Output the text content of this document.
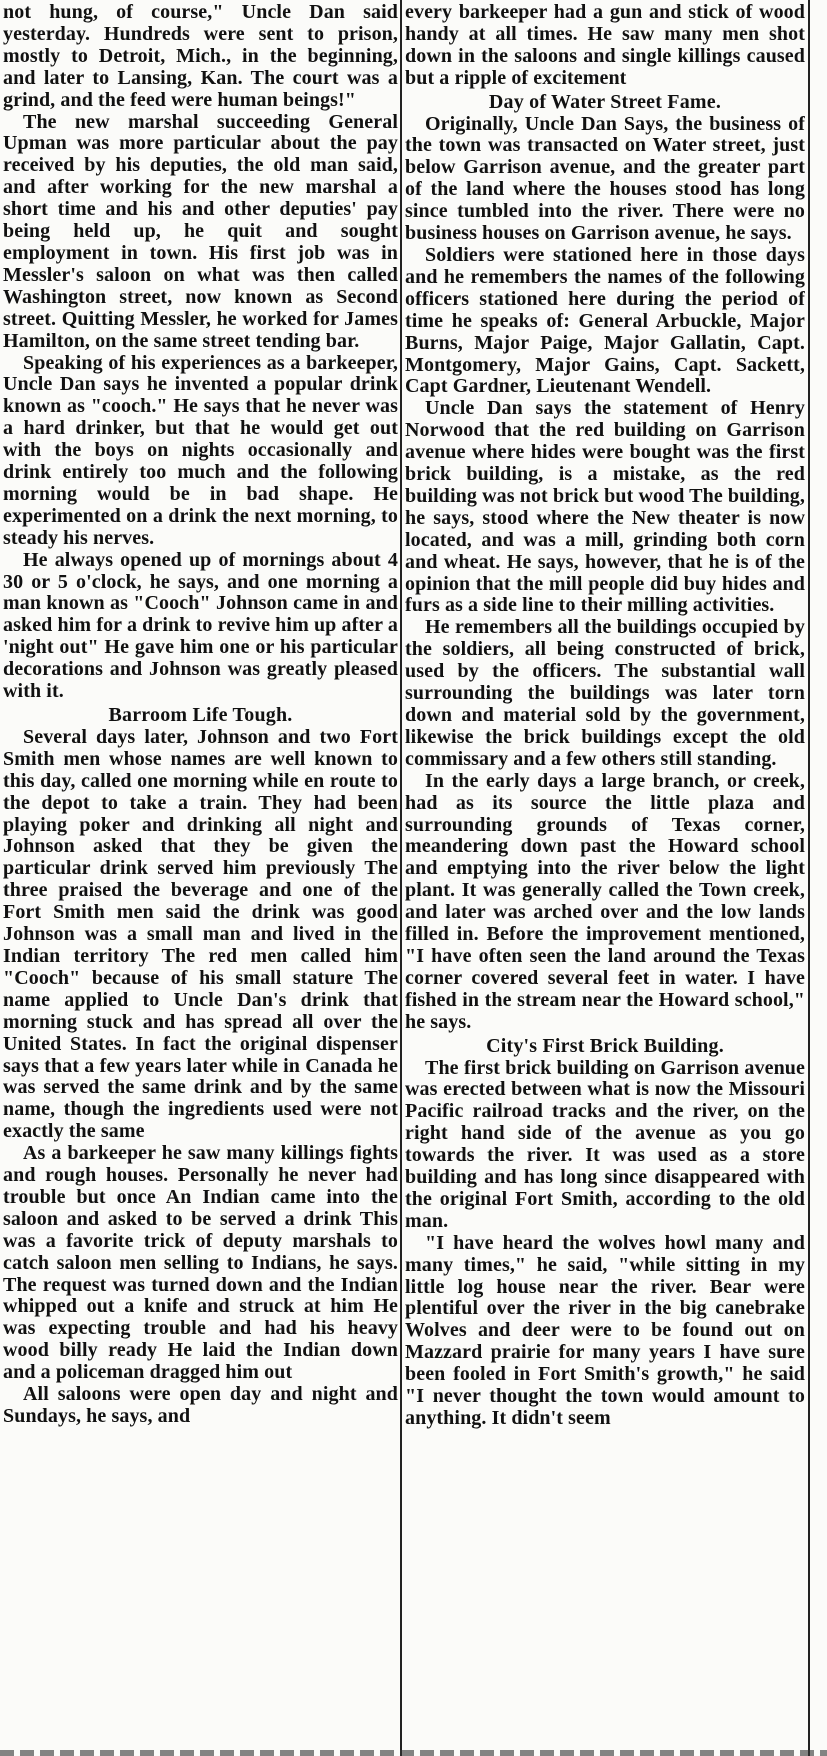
not hung, of course," Uncle Dan said yesterday. Hundreds were sent to prison, mostly to Detroit, Mich., in the beginning, and later to Lansing, Kan. The court was a grind, and the feed were human beings!"

The new marshal succeeding General Upman was more particular about the pay received by his deputies, the old man said, and after working for the new marshal a short time and his and other deputies' pay being held up, he quit and sought employment in town. His first job was in Messler's saloon on what was then called Washington street, now known as Second street. Quitting Messler, he worked for James Hamilton, on the same street tending bar.

Speaking of his experiences as a barkeeper, Uncle Dan says he invented a popular drink known as "cooch." He says that he never was a hard drinker, but that he would get out with the boys on nights occasionally and drink entirely too much and the following morning would be in bad shape. He experimented on a drink the next morning, to steady his nerves.

He always opened up of mornings about 4 30 or 5 o'clock, he says, and one morning a man known as "Cooch" Johnson came in and asked him for a drink to revive him up after a 'night out" He gave him one or his particular decorations and Johnson was greatly pleased with it.

Barroom Life Tough.

Several days later, Johnson and two Fort Smith men whose names are well known to this day, called one morning while en route to the depot to take a train. They had been playing poker and drinking all night and Johnson asked that they be given the particular drink served him previously The three praised the beverage and one of the Fort Smith men said the drink was good Johnson was a small man and lived in the Indian territory The red men called him "Cooch" because of his small stature The name applied to Uncle Dan's drink that morning stuck and has spread all over the United States. In fact the original dispenser says that a few years later while in Canada he was served the same drink and by the same name, though the ingredients used were not exactly the same

As a barkeeper he saw many killings fights and rough houses. Personally he never had trouble but once An Indian came into the saloon and asked to be served a drink This was a favorite trick of deputy marshals to catch saloon men selling to Indians, he says. The request was turned down and the Indian whipped out a knife and struck at him He was expecting trouble and had his heavy wood billy ready He laid the Indian down and a policeman dragged him out

All saloons were open day and night and Sundays, he says, and

every barkeeper had a gun and stick of wood handy at all times. He saw many men shot down in the saloons and single killings caused but a ripple of excitement

Day of Water Street Fame.

Originally, Uncle Dan Says, the business of the town was transacted on Water street, just below Garrison avenue, and the greater part of the land where the houses stood has long since tumbled into the river. There were no business houses on Garrison avenue, he says.

Soldiers were stationed here in those days and he remembers the names of the following officers stationed here during the period of time he speaks of: General Arbuckle, Major Burns, Major Paige, Major Gallatin, Capt. Montgomery, Major Gains, Capt. Sackett, Capt Gardner, Lieutenant Wendell.

Uncle Dan says the statement of Henry Norwood that the red building on Garrison avenue where hides were bought was the first brick building, is a mistake, as the red building was not brick but wood The building, he says, stood where the New theater is now located, and was a mill, grinding both corn and wheat. He says, however, that he is of the opinion that the mill people did buy hides and furs as a side line to their milling activities.

He remembers all the buildings occupied by the soldiers, all being constructed of brick, used by the officers. The substantial wall surrounding the buildings was later torn down and material sold by the government, likewise the brick buildings except the old commissary and a few others still standing.

In the early days a large branch, or creek, had as its source the little plaza and surrounding grounds of Texas corner, meandering down past the Howard school and emptying into the river below the light plant. It was generally called the Town creek, and later was arched over and the low lands filled in. Before the improvement mentioned, "I have often seen the land around the Texas corner covered several feet in water. I have fished in the stream near the Howard school," he says.

City's First Brick Building.

The first brick building on Garrison avenue was erected between what is now the Missouri Pacific railroad tracks and the river, on the right hand side of the avenue as you go towards the river. It was used as a store building and has long since disappeared with the original Fort Smith, according to the old man.

"I have heard the wolves howl many and many times," he said, "while sitting in my little log house near the river. Bear were plentiful over the river in the big canebrake Wolves and deer were to be found out on Mazzard prairie for many years I have sure been fooled in Fort Smith's growth," he said "I never thought the town would amount to anything. It didn't seem
